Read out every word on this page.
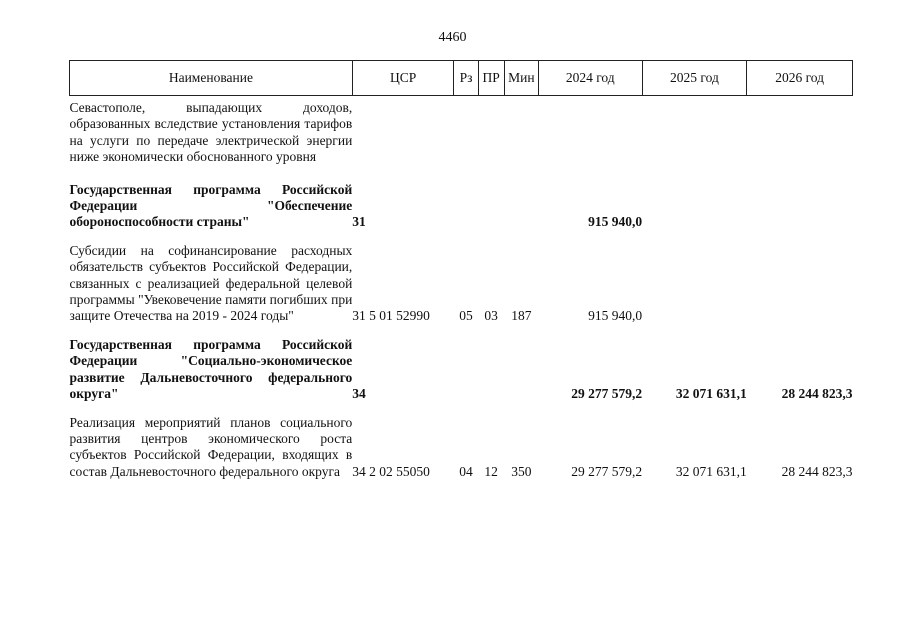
4460
Наименование	ЦСР	Рз	ПР	Мин	2024 год	2025 год	2026 год
Севастополе, выпадающих доходов, образованных вследствие установления тарифов на услуги по передаче электрической энергии ниже экономически обоснованного уровня							
Государственная программа Российской Федерации "Обеспечение обороноспособности страны"	31				915 940,0		
Субсидии на софинансирование расходных обязательств субъектов Российской Федерации, связанных с реализацией федеральной целевой программы "Увековечение памяти погибших при защите Отечества на 2019 - 2024 годы"	31 5 01 52990	05	03	187	915 940,0		
Государственная программа Российской Федерации "Социально-экономическое развитие Дальневосточного федерального округа"	34				29 277 579,2	32 071 631,1	28 244 823,3
Реализация мероприятий планов социального развития центров экономического роста субъектов Российской Федерации, входящих в состав Дальневосточного федерального округа	34 2 02 55050	04	12	350	29 277 579,2	32 071 631,1	28 244 823,3
